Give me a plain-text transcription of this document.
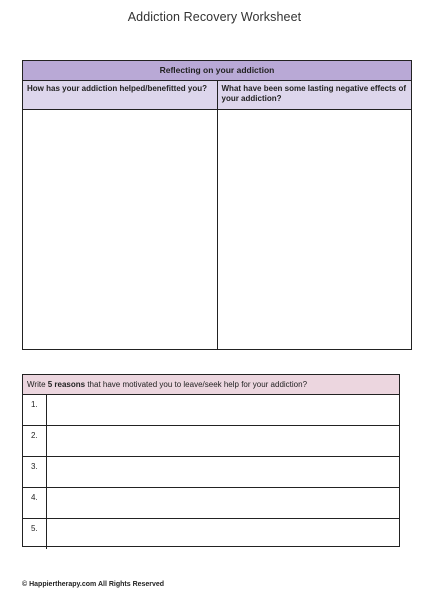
Addiction Recovery Worksheet
Reflecting on your addiction
How has your addiction helped/benefitted you?	What have been some lasting negative effects of your addiction?
Write 5 reasons that have motivated you to leave/seek help for your addiction?
1.
2.
3.
4.
5.
© Happiertherapy.com All Rights Reserved
